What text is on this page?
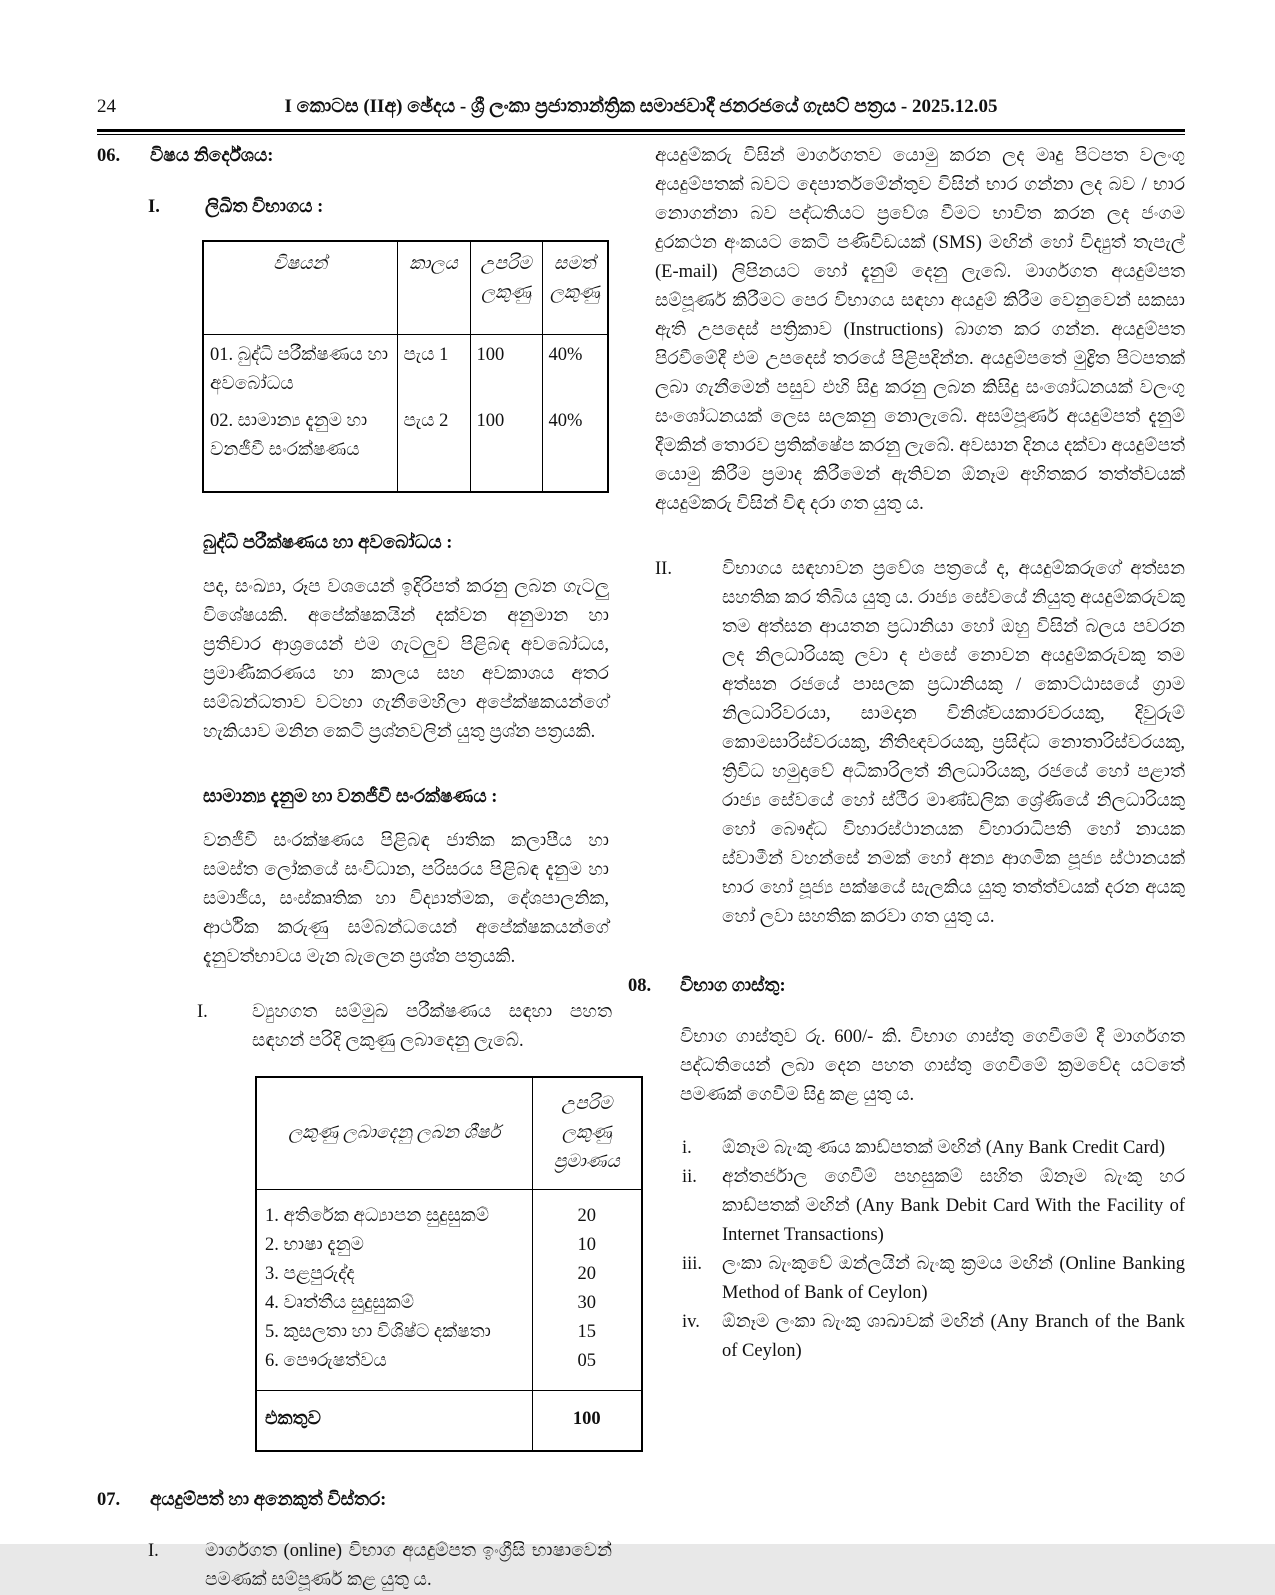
24	I කොටස (IIඅ) ඡේදය - ශ්‍රී ලංකා ප්‍රජාතාන්ත්‍රික සමාජවාදී ජනරජයේ ගැසට් පත්‍රය - 2025.12.05
06.	විෂය නිර්දේශය:
I.	ලිඛිත විභාගය :
විෂයන්	කාලය	උපරිම ලකුණු	සමත් ලකුණු
01. බුද්ධි පරීක්ෂණය හා අවබෝධය	පැය 1	100	40%
02. සාමාන්‍ය දැනුම හා වනජීවී සංරක්ෂණය	පැය 2	100	40%
බුද්ධි පරීක්ෂණය හා අවබෝධය :
පද, සංඛ්‍යා, රූප වශයෙන් ඉදිරිපත් කරනු ලබන ගැටලු විශේෂයකි. අපේක්ෂකයින් දක්වන අනුමාන හා ප්‍රතිචාර ආශ්‍රයෙන් එම ගැටලුව පිළිබඳ අවබෝධය, ප්‍රමාණීකරණය හා කාලය සහ අවකාශය අතර සම්බන්ධතාව වටහා ගැනීමෙහිලා අපේක්ෂකයන්ගේ හැකියාව මනින කෙටි ප්‍රශ්නවලින් යුතු ප්‍රශ්න පත්‍රයකි.
සාමාන්‍ය දැනුම හා වනජීවී සංරක්ෂණය :
වනජීවී සංරක්ෂණය පිළිබඳ ජාතික කලාපීය හා සමස්ත ලෝකයේ සංවිධාන, පරිසරය පිළිබඳ දැනුම හා සමාජීය, සංස්කෘතික හා විද්‍යාත්මක, දේශපාලනික, ආර්ථික කරුණු සම්බන්ධයෙන් අපේක්ෂකයන්ගේ දැනුවත්භාවය මැන බැලෙන ප්‍රශ්න පත්‍රයකි.
I.	ව්‍යුහගත සම්මුඛ පරීක්ෂණය සඳහා පහත සඳහන් පරිදි ලකුණු ලබාදෙනු ලැබේ.
ලකුණු ලබාදෙනු ලබන ශීර්ෂ	උපරිම ලකුණු ප්‍රමාණය
1. අතිරේක අධ්‍යාපන සුදුසුකම්	20
2. භාෂා දැනුම	10
3. පළපුරුද්ද	20
4. වෘත්තීය සුදුසුකම්	30
5. කුසලතා හා විශිෂ්ට දක්ෂතා	15
6. පෞරුෂත්වය	05
එකතුව	100
07.	අයදුම්පත් හා අනෙකුත් විස්තර:
I.	මාර්ගගත (online) විභාග අයදුම්පත ඉංග්‍රීසි භාෂාවෙන් පමණක් සම්පූර්ණ කළ යුතු ය.
අයදුම්කරු විසින් මාර්ගගතව යොමු කරන ලද මෘදු පිටපත වලංගු අයදුම්පතක් බවට දෙපාර්තමේන්තුව විසින් භාර ගන්නා ලද බව / භාර නොගන්නා බව පද්ධතියට ප්‍රවේශ වීමට භාවිත කරන ලද ජංගම දුරකථන අංකයට කෙටි පණිවිඩයක් (SMS) මඟින් හෝ විද්‍යුත් තැපැල් (E-mail) ලිපිනයට හෝ දැනුම් දෙනු ලැබේ. මාර්ගගත අයදුම්පත සම්පූර්ණ කිරීමට පෙර විභාගය සඳහා අයදුම් කිරීම වෙනුවෙන් සකසා ඇති උපදෙස් පත්‍රිකාව (Instructions) බාගත කර ගන්න. අයදුම්පත පිරවීමේදී එම උපදෙස් තරයේ පිළිපදින්න. අයදුම්පතේ මුද්‍රිත පිටපතක් ලබා ගැනීමෙන් පසුව එහි සිදු කරනු ලබන කිසිදු සංශෝධනයක් වලංගු සංශෝධනයක් ලෙස සලකනු නොලැබේ. අසම්පූර්ණ අයදුම්පත් දැනුම් දීමකින් තොරව ප්‍රතික්ෂේප කරනු ලැබේ. අවසාන දිනය දක්වා අයදුම්පත් යොමු කිරීම ප්‍රමාද කිරීමෙන් ඇතිවන ඕනෑම අහිතකර තත්ත්වයක් අයදුම්කරු විසින් විඳ දරා ගත යුතු ය.
II.	විභාගය සඳහාවන ප්‍රවේශ පත්‍රයේ ද, අයදුම්කරුගේ අත්සන සහතික කර තිබිය යුතු ය. රාජ්‍ය සේවයේ නියුතු අයදුම්කරුවකු තම අත්සන ආයතන ප්‍රධානියා හෝ ඔහු විසින් බලය පවරන ලද නිලධාරියකු ලවා ද එසේ නොවන අයදුම්කරුවකු තම අත්සන රජයේ පාසලක ප්‍රධානියකු / කොට්ඨාසයේ ග්‍රාම නිලධාරිවරයා, සාමදාන විනිශ්චයකාරවරයකු, දිවුරුම් කොමසාරිස්වරයකු, නීතිඥවරයකු, ප්‍රසිද්ධ නොතාරිස්වරයකු, ත්‍රිවිධ හමුදාවේ අධිකාරිලත් නිලධාරියකු, රජයේ හෝ පළාත් රාජ්‍ය සේවයේ හෝ ස්ථීර මාණ්ඩලික ශ්‍රේණියේ නිලධාරියකු හෝ බෞද්ධ විහාරස්ථානයක විහාරාධිපති හෝ නායක ස්වාමීන් වහන්සේ නමක් හෝ අන්‍ය ආගමික පූජ්‍ය ස්ථානයක් භාර හෝ පූජ්‍ය පක්ෂයේ සැලකිය යුතු තත්ත්වයක් දරන අයකු හෝ ලවා සහතික කරවා ගත යුතු ය.
08.	විභාග ගාස්තු:
විභාග ගාස්තුව රු. 600/- කි. විභාග ගාස්තු ගෙවීමේ දී මාර්ගගත පද්ධතියෙන් ලබා දෙන පහත ගාස්තු ගෙවීමේ ක්‍රමවේද යටතේ පමණක් ගෙවීම සිදු කළ යුතු ය.
i.	ඕනෑම බැංකු ණය කාඩ්පතක් මඟින් (Any Bank Credit Card)
ii.	අන්තර්ජාල ගෙවීම් පහසුකම් සහිත ඕනෑම බැංකු හර කාඩ්පතක් මඟින් (Any Bank Debit Card With the Facility of Internet Transactions)
iii.	ලංකා බැංකුවේ ඔන්ලයින් බැංකු ක්‍රමය මඟින් (Online Banking Method of Bank of Ceylon)
iv.	ඕනෑම ලංකා බැංකු ශාඛාවක් මඟින් (Any Branch of the Bank of Ceylon)
